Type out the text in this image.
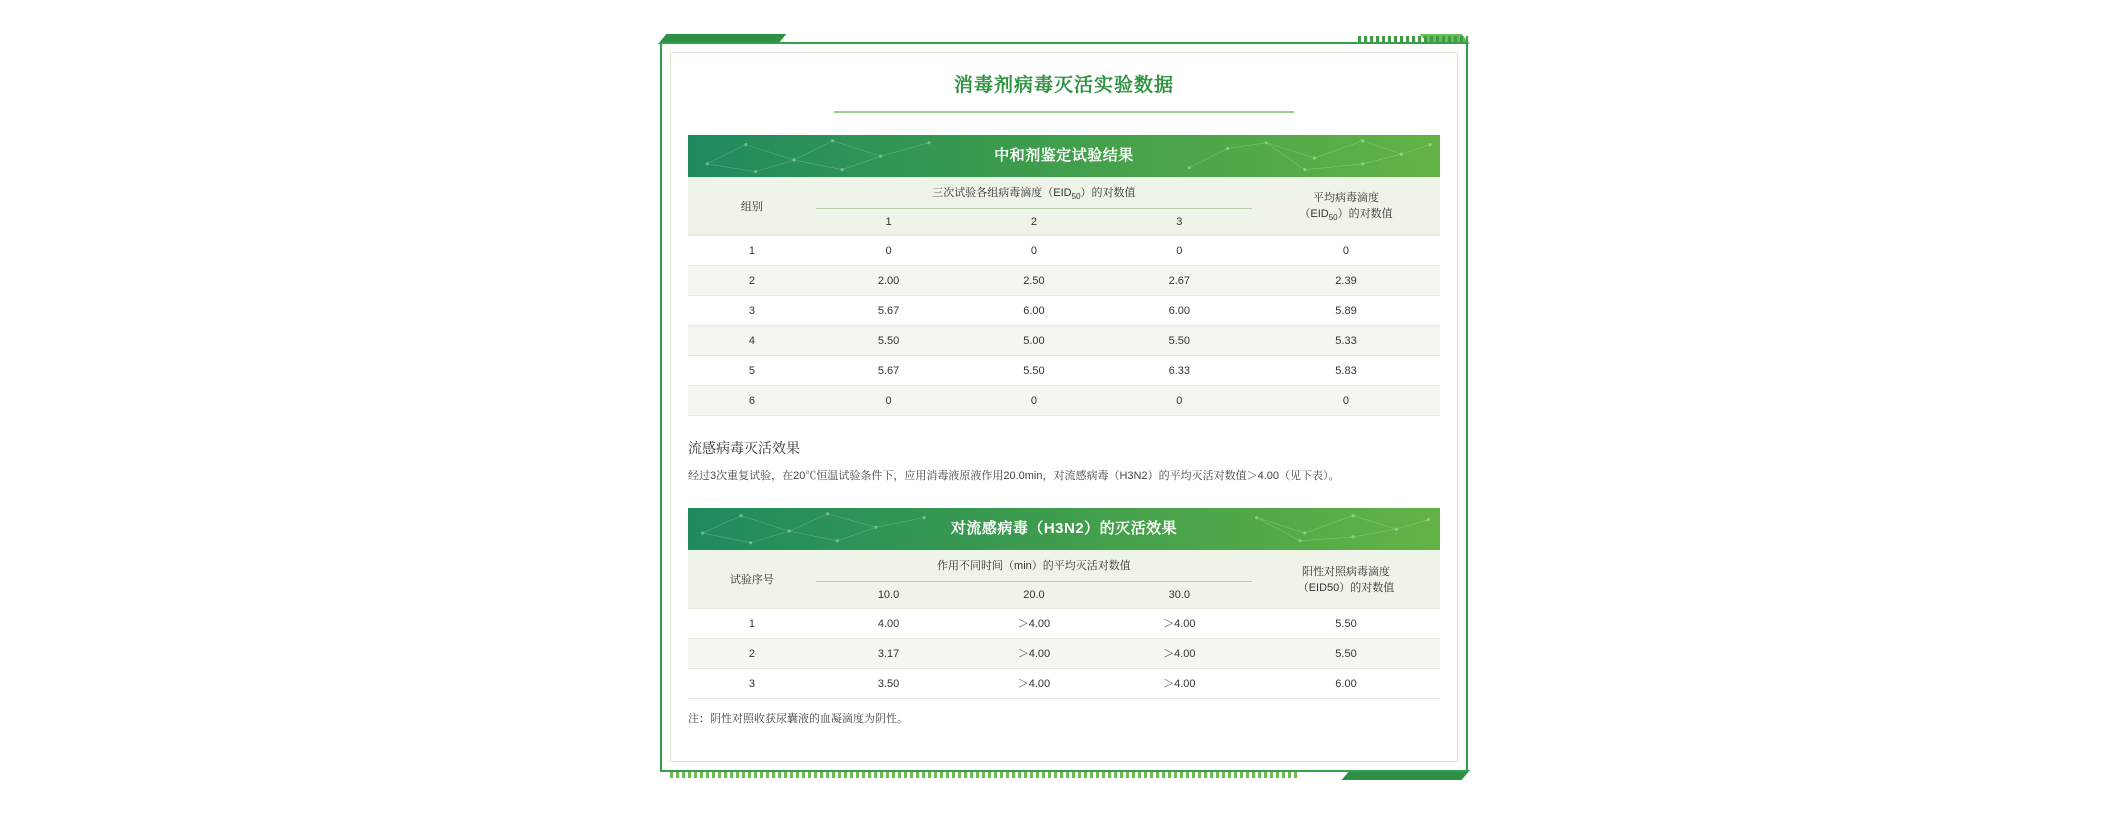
消毒剂病毒灭活实验数据
中和剂鉴定试验结果
组别	
三次试验各组病毒滴度$(EID_{50})$的对数值
1	2	3

平均病毒滴度
$(EID_{50})$的对数值

1	0 0 0	0
2	2.00 2.50 2.67	2.39
3	5.67 6.00 6.00	5.89
4	5.50 5.00 5.50	5.33
5	5.67 5.50 6.33	5.83
6	0 0 0	0
流感病毒灭活效果
经过3次重复试验，在20℃恒温试验条件下，应用消毒液原液作用20.0min，对流感病毒（H3N2）的平均灭活对数值＞4.00（见下表）。
对流感病毒（H3N2）的灭活效果
试验序号	
作用不同时间（min）的平均灭活对数值
10.0	20.0	30.0

阳性对照病毒滴度
（EID50）的对数值

1	4.00 ＞4.00 ＞4.00	5.50
2	3.17 ＞4.00 ＞4.00	5.50
3	3.50 ＞4.00 ＞4.00	6.00
注：阴性对照收获尿囊液的血凝滴度为阴性。
